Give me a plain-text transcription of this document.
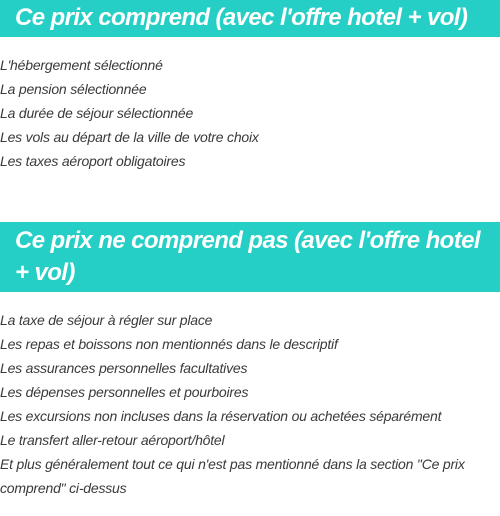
Ce prix comprend (avec l'offre hotel + vol)
L'hébergement sélectionné
La pension sélectionnée
La durée de séjour sélectionnée
Les vols au départ de la ville de votre choix
Les taxes aéroport obligatoires
Ce prix ne comprend pas (avec l'offre hotel + vol)
La taxe de séjour à régler sur place
Les repas et boissons non mentionnés dans le descriptif
Les assurances personnelles facultatives
Les dépenses personnelles et pourboires
Les excursions non incluses dans la réservation ou achetées séparément
Le transfert aller-retour aéroport/hôtel
Et plus généralement tout ce qui n'est pas mentionné dans la section "Ce prix comprend" ci-dessus
